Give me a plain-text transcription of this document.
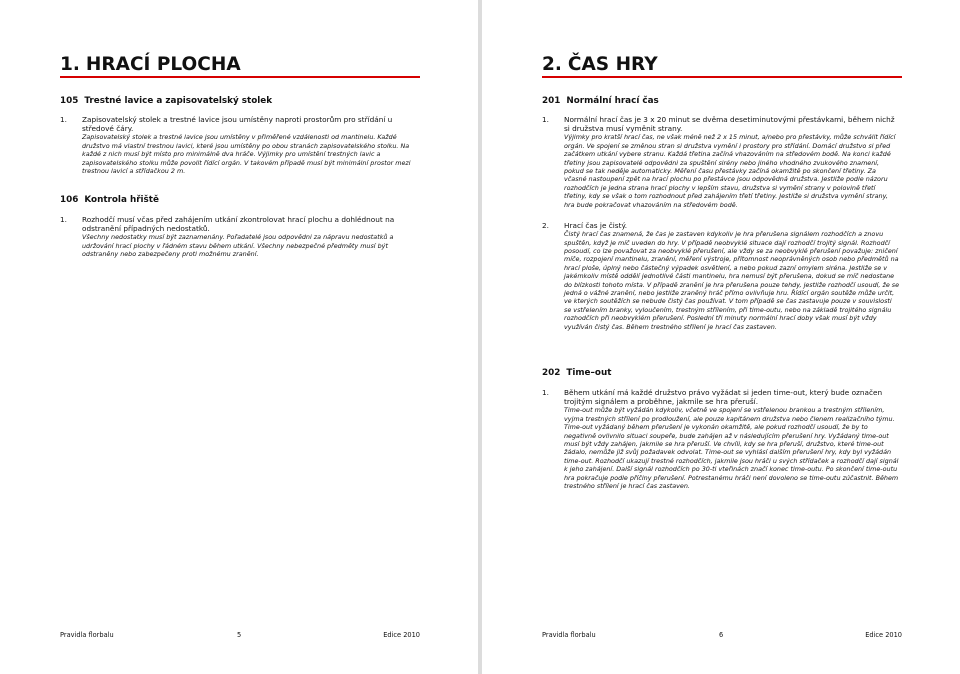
1. HRACÍ PLOCHA
105 Trestné lavice a zapisovatelský stolek
1. Zapisovatelský stolek a trestné lavice jsou umístěny naproti prostorům pro střídání u středové čáry.
Zapisovatelský stolek a trestné lavice jsou umístěny v přiměřené vzdálenosti od mantinelu. Každé družstvo má vlastní trestnou lavici, které jsou umístěny po obou stranách zapisovatelského stolku. Na každé z nich musí být místo pro minimálně dva hráče. Výjimky pro umístění trestných lavic a zapisovatelského stolku může povolit řídící orgán. V takovém případě musí být minimální prostor mezi trestnou lavicí a střídačkou 2 m.
106 Kontrola hřiště
1. Rozhodčí musí včas před zahájením utkání zkontrolovat hrací plochu a dohlédnout na odstranění případných nedostatků.
Všechny nedostatky musí být zaznamenány. Pořadatelé jsou odpovědni za nápravu nedostatků a udržování hrací plochy v řádném stavu během utkání. Všechny nebezpečné předměty musí být odstraněny nebo zabezpečeny proti možnému zranění.
Pravidla florbalu	5	Edice 2010
2. ČAS HRY
201 Normální hrací čas
1. Normální hrací čas je 3 x 20 minut se dvěma desetiminutovými přestávkami, během nichž si družstva musí vyměnit strany.
Výjimky pro kratší hrací čas, ne však méně než 2 x 15 minut, a/nebo pro přestávky, může schválit řídící orgán. Ve spojení se změnou stran si družstva vymění i prostory pro střídání. Domácí družstvo si před začátkem utkání vybere stranu. Každá třetina začíná vhazováním na středovém bodě. Na konci každé třetiny jsou zapisovatelé odpovědni za spuštění sirény nebo jiného vhodného zvukového znamení, pokud se tak neděje automaticky. Měření času přestávky začíná okamžitě po skončení třetiny. Za včasné nastoupení zpět na hrací plochu po přestávce jsou odpovědná družstva. Jestliže podle názoru rozhodčích je jedna strana hrací plochy v lepším stavu, družstva si vymění strany v polovině třetí třetiny, kdy se však o tom rozhodnout před zahájením třetí třetiny. Jestliže si družstva vymění strany, hra bude pokračovat vhazováním na středovém bodě.
2. Hrací čas je čistý.
Čistý hrací čas znamená, že čas je zastaven kdykoliv je hra přerušena signálem rozhodčích a znovu spuštěn, když je míč uveden do hry. V případě neobvyklé situace dají rozhodčí trojitý signál. Rozhodčí posoudí, co lze považovat za neobvyklé přerušení, ale vždy se za neobvyklé přerušení považuje: zničení míče, rozpojení mantinelu, zranění, měření výstroje, přítomnost neoprávněných osob nebo předmětů na hrací ploše, úplný nebo částečný výpadek osvětlení, a nebo pokud zazní omylem siréna. Jestliže se v jakémkoliv místě oddělí jednotlivé části mantinelu, hra nemusí být přerušena, dokud se míč nedostane do blízkosti tohoto místa. V případě zranění je hra přerušena pouze tehdy, jestliže rozhodčí usoudí, že se jedná o vážné zranění, nebo jestliže zraněný hráč přímo ovlivňuje hru. Řídící orgán soutěže může určit, ve kterých soutěžích se nebude čistý čas používat. V tom případě se čas zastavuje pouze v souvislosti se vstřelením branky, vyloučením, trestným střílením, při time-outu, nebo na základě trojitého signálu rozhodčích při neobvyklém přerušení. Poslední tři minuty normální hrací doby však musí být vždy využíván čistý čas. Během trestného střílení je hrací čas zastaven.
202 Time–out
1. Během utkání má každé družstvo právo vyžádat si jeden time-out, který bude označen trojitým signálem a proběhne, jakmile se hra přeruší.
Time-out může být vyžádán kdykoliv, včetně ve spojení se vstřelenou brankou a trestným střílením, vyjma trestných střílení po prodloužení, ale pouze kapitánem družstva nebo členem realizačního týmu. Time-out vyžádaný během přerušení je vykonán okamžitě, ale pokud rozhodčí usoudí, že by to negativně ovlivnilo situaci soupeře, bude zahájen až v následujícím přerušení hry. Vyžádaný time-out musí být vždy zahájen, jakmile se hra přeruší. Ve chvíli, kdy se hra přeruší, družstvo, které time-out žádalo, nemůže již svůj požadavek odvolat. Time-out se vyhlásí dalším přerušení hry, kdy byl vyžádán time-out. Rozhodčí ukazují trestné rozhodčích, jakmile jsou hráči u svých střídaček a rozhodčí dají signál k jeho zahájení. Další signál rozhodčích po 30-ti vteřinách značí konec time-outu. Po skončení time-outu hra pokračuje podle příčiny přerušení. Potrestanému hráči není dovoleno se time-outu zúčastnit. Během trestného střílení je hrací čas zastaven.
Pravidla florbalu	6	Edice 2010
